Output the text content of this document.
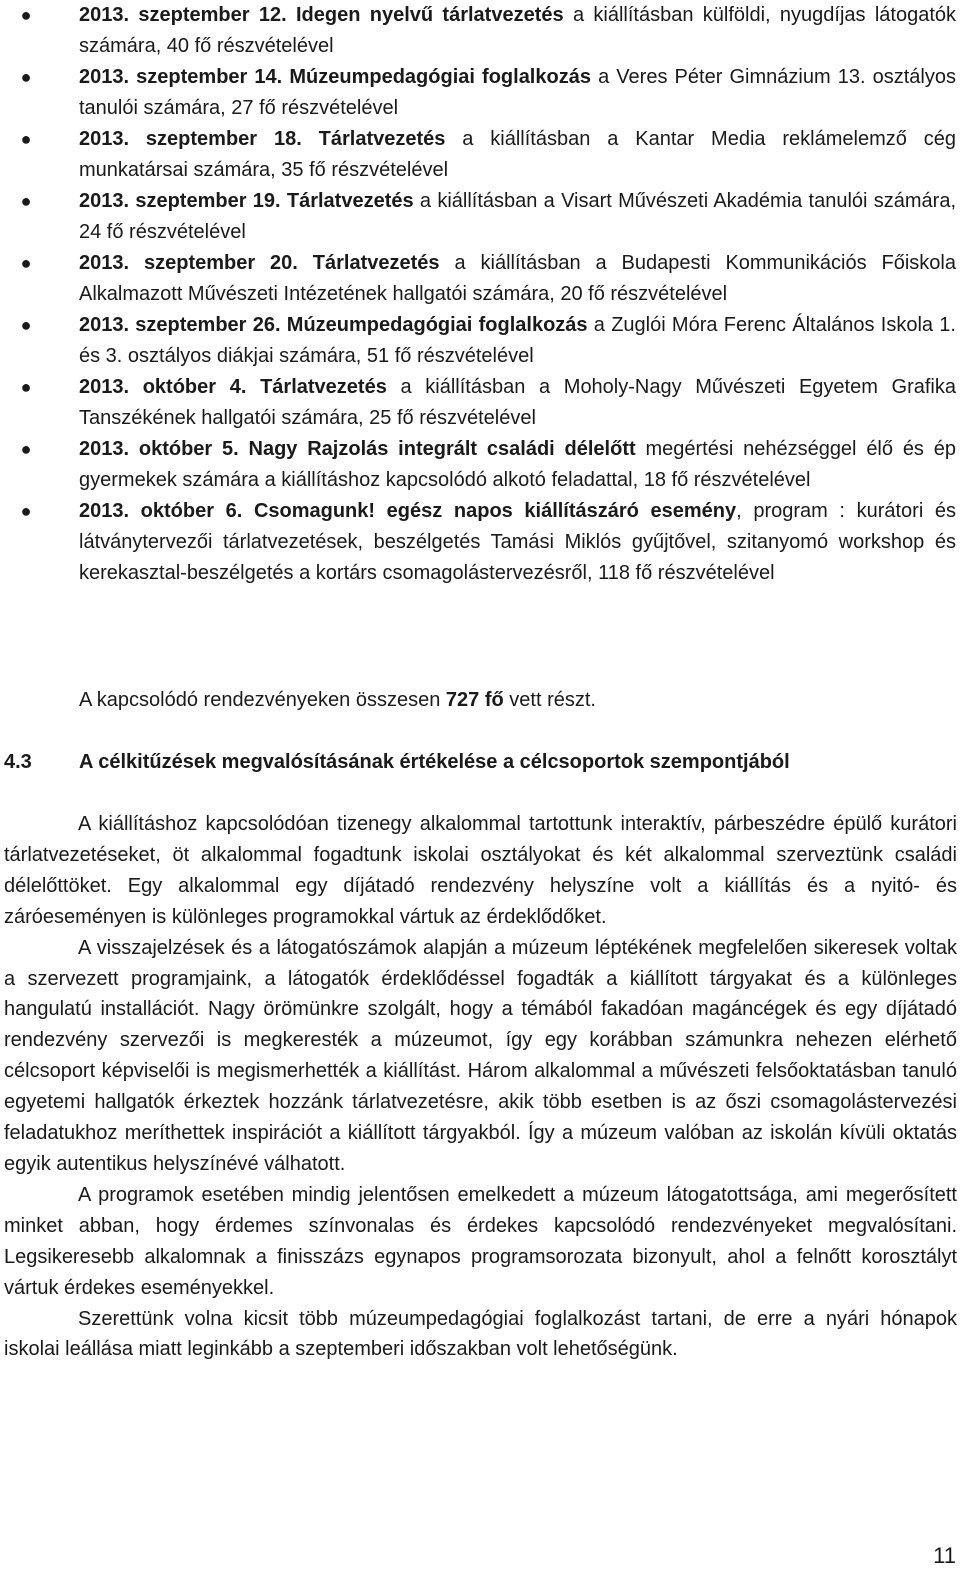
● 2013. szeptember 12. Idegen nyelvű tárlatvezetés a kiállításban külföldi, nyugdíjas látogatók számára, 40 fő részvételével
● 2013. szeptember 14. Múzeumpedagógiai foglalkozás a Veres Péter Gimnázium 13. osztályos tanulói számára, 27 fő részvételével
● 2013. szeptember 18. Tárlatvezetés a kiállításban a Kantar Media reklámelemző cég munkatársai számára, 35 fő részvételével
● 2013. szeptember 19. Tárlatvezetés a kiállításban a Visart Művészeti Akadémia tanulói számára, 24 fő részvételével
● 2013. szeptember 20. Tárlatvezetés a kiállításban a Budapesti Kommunikációs Főiskola Alkalmazott Művészeti Intézetének hallgatói számára, 20 fő részvételével
● 2013. szeptember 26. Múzeumpedagógiai foglalkozás a Zuglói Móra Ferenc Általános Iskola 1. és 3. osztályos diákjai számára, 51 fő részvételével
● 2013. október 4. Tárlatvezetés a kiállításban a Moholy-Nagy Művészeti Egyetem Grafika Tanszékének hallgatói számára, 25 fő részvételével
● 2013. október 5. Nagy Rajzolás integrált családi délelőtt megértési nehézséggel élő és ép gyermekek számára a kiállításhoz kapcsolódó alkotó feladattal, 18 fő részvételével
● 2013. október 6. Csomagunk! egész napos kiállítászáró esemény, program : kurátori és látványtervezői tárlatvezetések, beszélgetés Tamási Miklós gyűjtővel, szitanyomó workshop és kerekasztal-beszélgetés a kortárs csomagolástervezésről, 118 fő részvételével
A kapcsolódó rendezvényeken összesen 727 fő vett részt.
4.3 A célkitűzések megvalósításának értékelése a célcsoportok szempontjából

A kiállításhoz kapcsolódóan tizenegy alkalommal tartottunk interaktív, párbeszédre épülő kurátori tárlatvezetéseket, öt alkalommal fogadtunk iskolai osztályokat és két alkalommal szerveztünk családi délelőttöket. Egy alkalommal egy díjátadó rendezvény helyszíne volt a kiállítás és a nyitó- és záróeseményen is különleges programokkal vártuk az érdeklődőket.

A visszajelzések és a látogatószámok alapján a múzeum léptékének megfelelően sikeresek voltak a szervezett programjaink, a látogatók érdeklődéssel fogadták a kiállított tárgyakat és a különleges hangulatú installációt. Nagy örömünkre szolgált, hogy a témából fakadóan magáncégek és egy díjátadó rendezvény szervezői is megkeresték a múzeumot, így egy korábban számunkra nehezen elérhető célcsoport képviselői is megismerhették a kiállítást. Három alkalommal a művészeti felsőoktatásban tanuló egyetemi hallgatók érkeztek hozzánk tárlatvezetésre, akik több esetben is az őszi csomagolástervezési feladatukhoz meríthettek inspirációt a kiállított tárgyakból. Így a múzeum valóban az iskolán kívüli oktatás egyik autentikus helyszínévé válhatott.

A programok esetében mindig jelentősen emelkedett a múzeum látogatottsága, ami megerősített minket abban, hogy érdemes színvonalas és érdekes kapcsolódó rendezvényeket megvalósítani. Legsikeresebb alkalomnak a finisszázs egynapos programsorozata bizonyult, ahol a felnőtt korosztályt vártuk érdekes eseményekkel.

Szerettünk volna kicsit több múzeumpedagógiai foglalkozást tartani, de erre a nyári hónapok iskolai leállása miatt leginkább a szeptemberi időszakban volt lehetőségünk.

11
